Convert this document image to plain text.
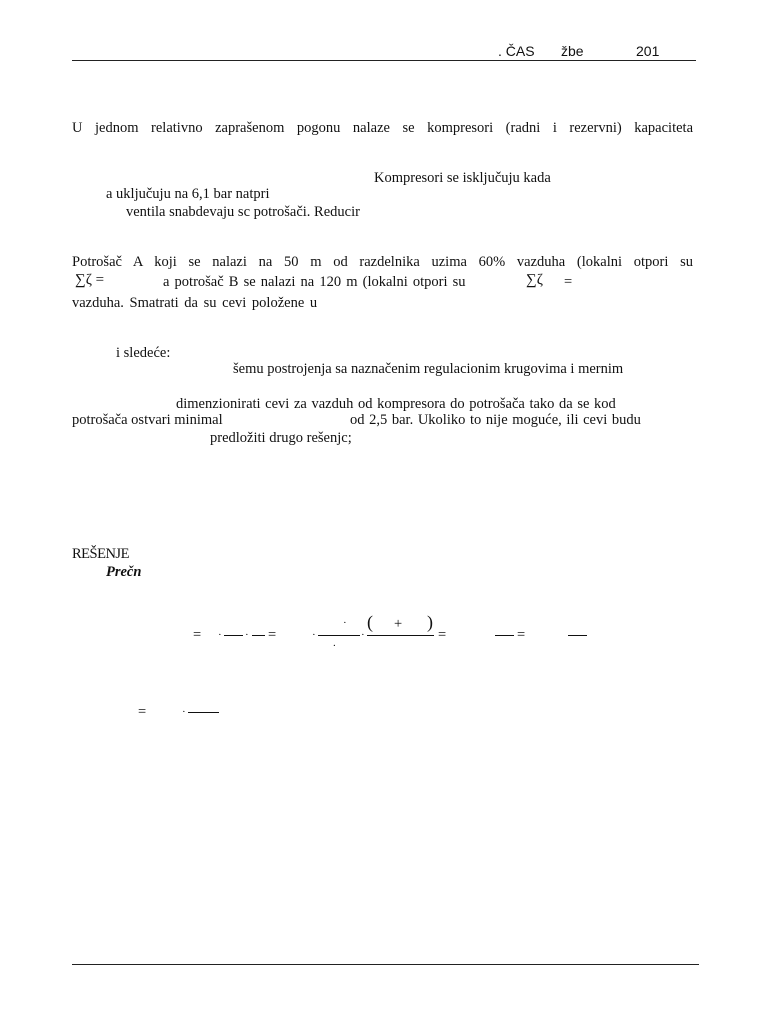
. ČAS žbe	201
U jednom relativno zaprašenom pogonu nalaze se kompresori (radni i rezervni) kapaciteta
Kompresori se isključuju kada
a uključuju na 6,1 bar natpri
ventila snabdevaju sc potrošači. Reducir
Potrošač A koji se nalazi na 50 m od razdelnika uzima 60% vazduha (lokalni otpori su
∑ζ =	a potrošač B se nalazi na 120 m (lokalni otpori su	∑ζ =
vazduha. Smatrati da su cevi položene u
i sledeće:
šemu postrojenja sa naznačenim regulacionim krugovima i mernim
dimenzionirati cevi za vazduh od kompresora do potrošača tako da se kod
potrošača ostvari minimal	od 2,5 bar. Ukoliko to nije moguće, ili cevi budu
predložiti drugo rešenjc;
REŠENJE
Prečn
= · · =	·
·
.
·
( + )
=	=
=	·
